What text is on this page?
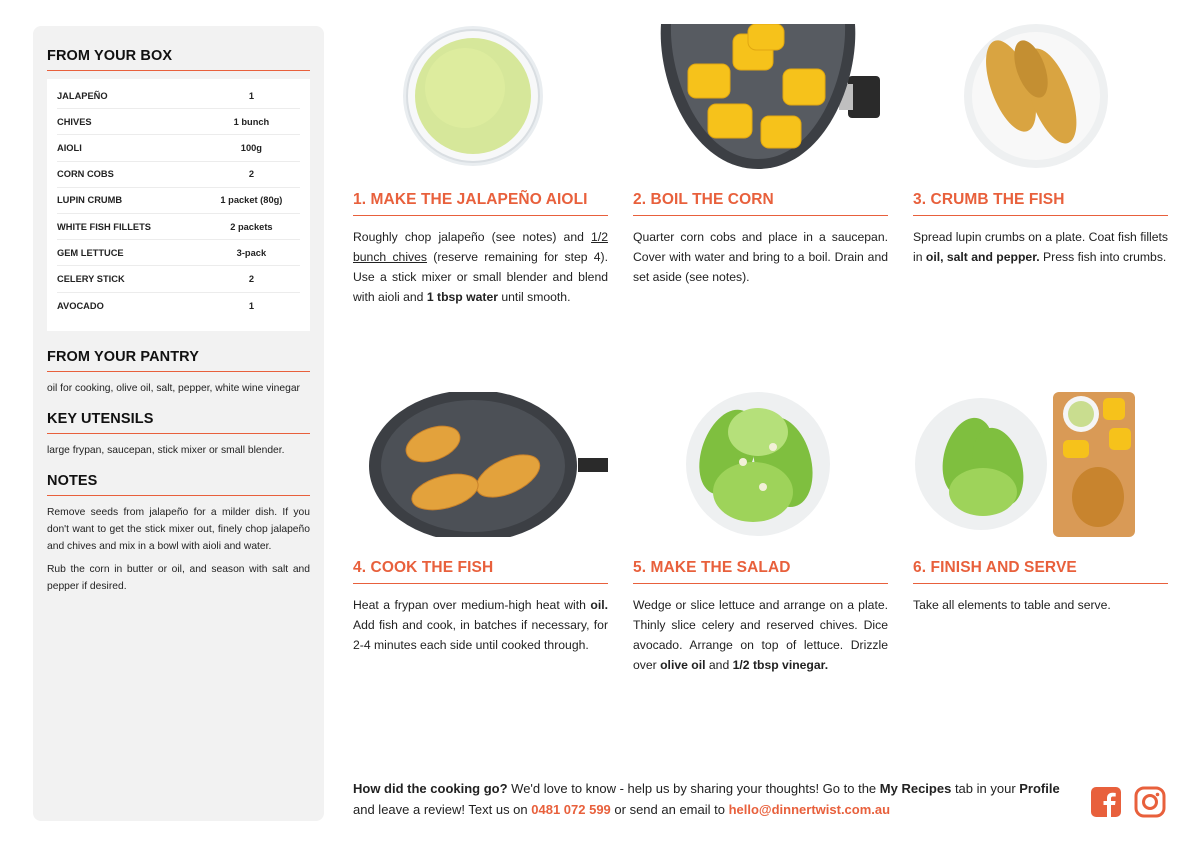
FROM YOUR BOX
JALAPEÑO	1
CHIVES	1 bunch
AIOLI	100g
CORN COBS	2
LUPIN CRUMB	1 packet (80g)
WHITE FISH FILLETS	2 packets
GEM LETTUCE	3-pack
CELERY STICK	2
AVOCADO	1
FROM YOUR PANTRY
oil for cooking, olive oil, salt, pepper, white wine vinegar
KEY UTENSILS
large frypan, saucepan, stick mixer or small blender.
NOTES

Remove seeds from jalapeño for a milder dish. If you don't want to get the stick mixer out, finely chop jalapeño and chives and mix in a bowl with aioli and water.

Rub the corn in butter or oil, and season with salt and pepper if desired.

1. MAKE THE JALAPEÑO AIOLI
Roughly chop jalapeño (see notes) and 1/2 bunch chives (reserve remaining for step 4). Use a stick mixer or small blender and blend with aioli and 1 tbsp water until smooth.
2. BOIL THE CORN
Quarter corn cobs and place in a saucepan. Cover with water and bring to a boil. Drain and set aside (see notes).
3. CRUMB THE FISH
Spread lupin crumbs on a plate. Coat fish fillets in oil, salt and pepper. Press fish into crumbs.
4. COOK THE FISH
Heat a frypan over medium-high heat with oil. Add fish and cook, in batches if necessary, for 2-4 minutes each side until cooked through.
5. MAKE THE SALAD
Wedge or slice lettuce and arrange on a plate. Thinly slice celery and reserved chives. Dice avocado. Arrange on top of lettuce. Drizzle over olive oil and 1/2 tbsp vinegar.
6. FINISH AND SERVE
Take all elements to table and serve.
How did the cooking go? We'd love to know - help us by sharing your thoughts! Go to the My Recipes tab in your Profile and leave a review! Text us on 0481 072 599 or send an email to hello@dinnertwist.com.au
